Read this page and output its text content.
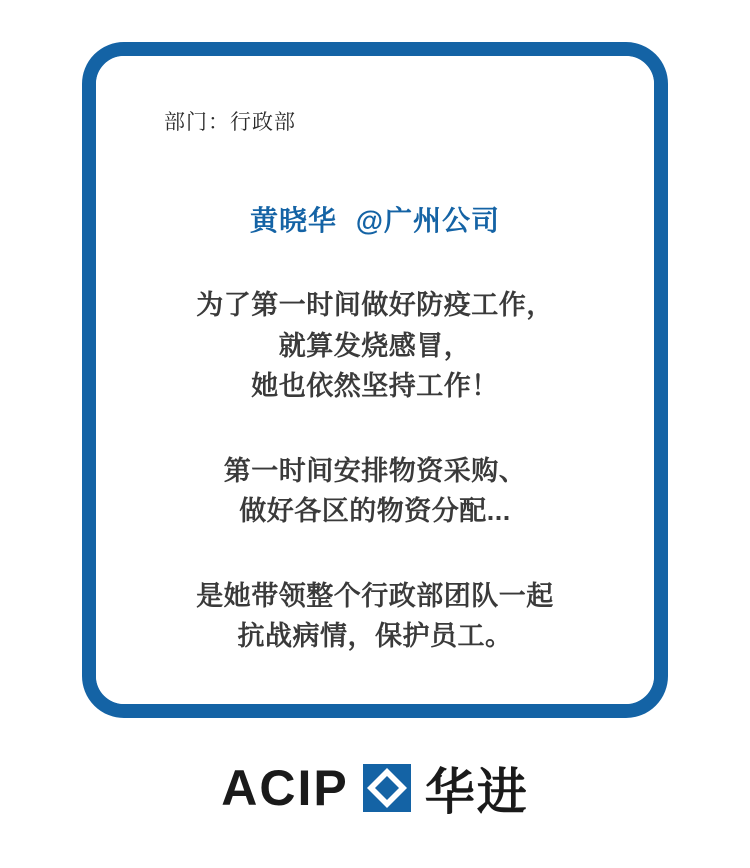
部门：行政部
黄晓华 @广州公司
为了第一时间做好防疫工作，
就算发烧感冒，
她也依然坚持工作！
第一时间安排物资采购、
做好各区的物资分配...
是她带领整个行政部团队一起
抗战病情，保护员工。
ACIP 华进
